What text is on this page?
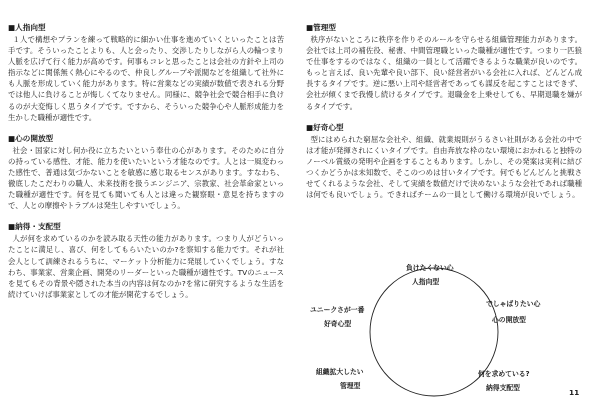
■人指向型

１人で構想やプランを練って戦略的に細かい仕事を進めていくといったことは苦手です。そういったことよりも、人と会ったり、交渉したりしながら人の輪つまり人脈を広げて行く能力が高めです。何事もコレと思ったことは会社の方針や上司の指示などに関係無く熱心にやるので、仲良しグループや派閥などを組織して社外にも人脈を形成していく能力があります。特に営業などの実績が数値で表される分野では他人に負けることが悔しくてなりません。同様に、競争社会で競合相手に負けるのが大変悔しく思うタイプです。ですから、そういった競争心や人脈形成能力を生かした職種が適性です。

■心の開放型

社会・国家に対し何か役に立ちたいという奉仕の心があります。そのために自分の持っている感性、才能、能力を使いたいという才能なのです。人とは一風変わった感性で、普通は気づかないことを敏感に感じ取るセンスがあります。すなわち、徹底したこだわりの職人、未来技術を扱うエンジニア、宗教家、社会革命家といった職種が適性です。何を見ても聞いても人とは違った観察眼・意見を持ちますので、人との摩擦やトラブルは発生しやすいでしょう。

■納得・支配型

人が何を求めているのかを読み取る天性の能力があります。つまり人がどういったことに満足し、喜び、何をしてもらいたいのか?を察知する能力です。それが社会人として訓練されるうちに、マーケット分析能力に発展していくでしょう。すなわち、事業家、営業企画、開発のリーダーといった職種が適性です。TVのニュースを見てもその背景や隠された本当の内容は何なのか?を常に研究するような生活を続けていけば事業家としての才能が開花するでしょう。

■管理型

秩序がないところに秩序を作りそのルールを守らせる組織管理能力があります。会社では上司の補佐役、秘書、中間管理職といった職種が適性です。つまり一匹狼で仕事をするのではなく、組織の一員として活躍できるような職業が良いのです。もっと言えば、良い先輩や良い部下、良い経営者がいる会社に入れば、どんどん成長するタイプです。逆に悪い上司や経営者であっても謀反を起こすことはできず、会社が傾くまで我慢し続けるタイプです。退職金を上乗せしても、早期退職を嫌がるタイプです。

■好奇心型

型にはめられた窮屈な会社や、組織、就業規則がうるさい社則がある会社の中では才能が発揮されにくいタイプです。自由奔放な枠のない環境におかれると独特のノーベル賞級の発明や企画をすることもあります。しかし、その発案は実利に結びつくかどうかは未知数で、そこのつめは甘いタイプです。何でもどんどんと挑戦させてくれるような会社、そして実績を数値だけで決めないような会社であれば職種は何でも良いでしょう。できればチームの一員として働ける環境が良いでしょう。

負けたくない心
人指向型
ユニークさが一番
好奇心型
でしゃばりたい心
心の開放型
組織拡大したい
管理型
何を求めている?
納得支配型	11
